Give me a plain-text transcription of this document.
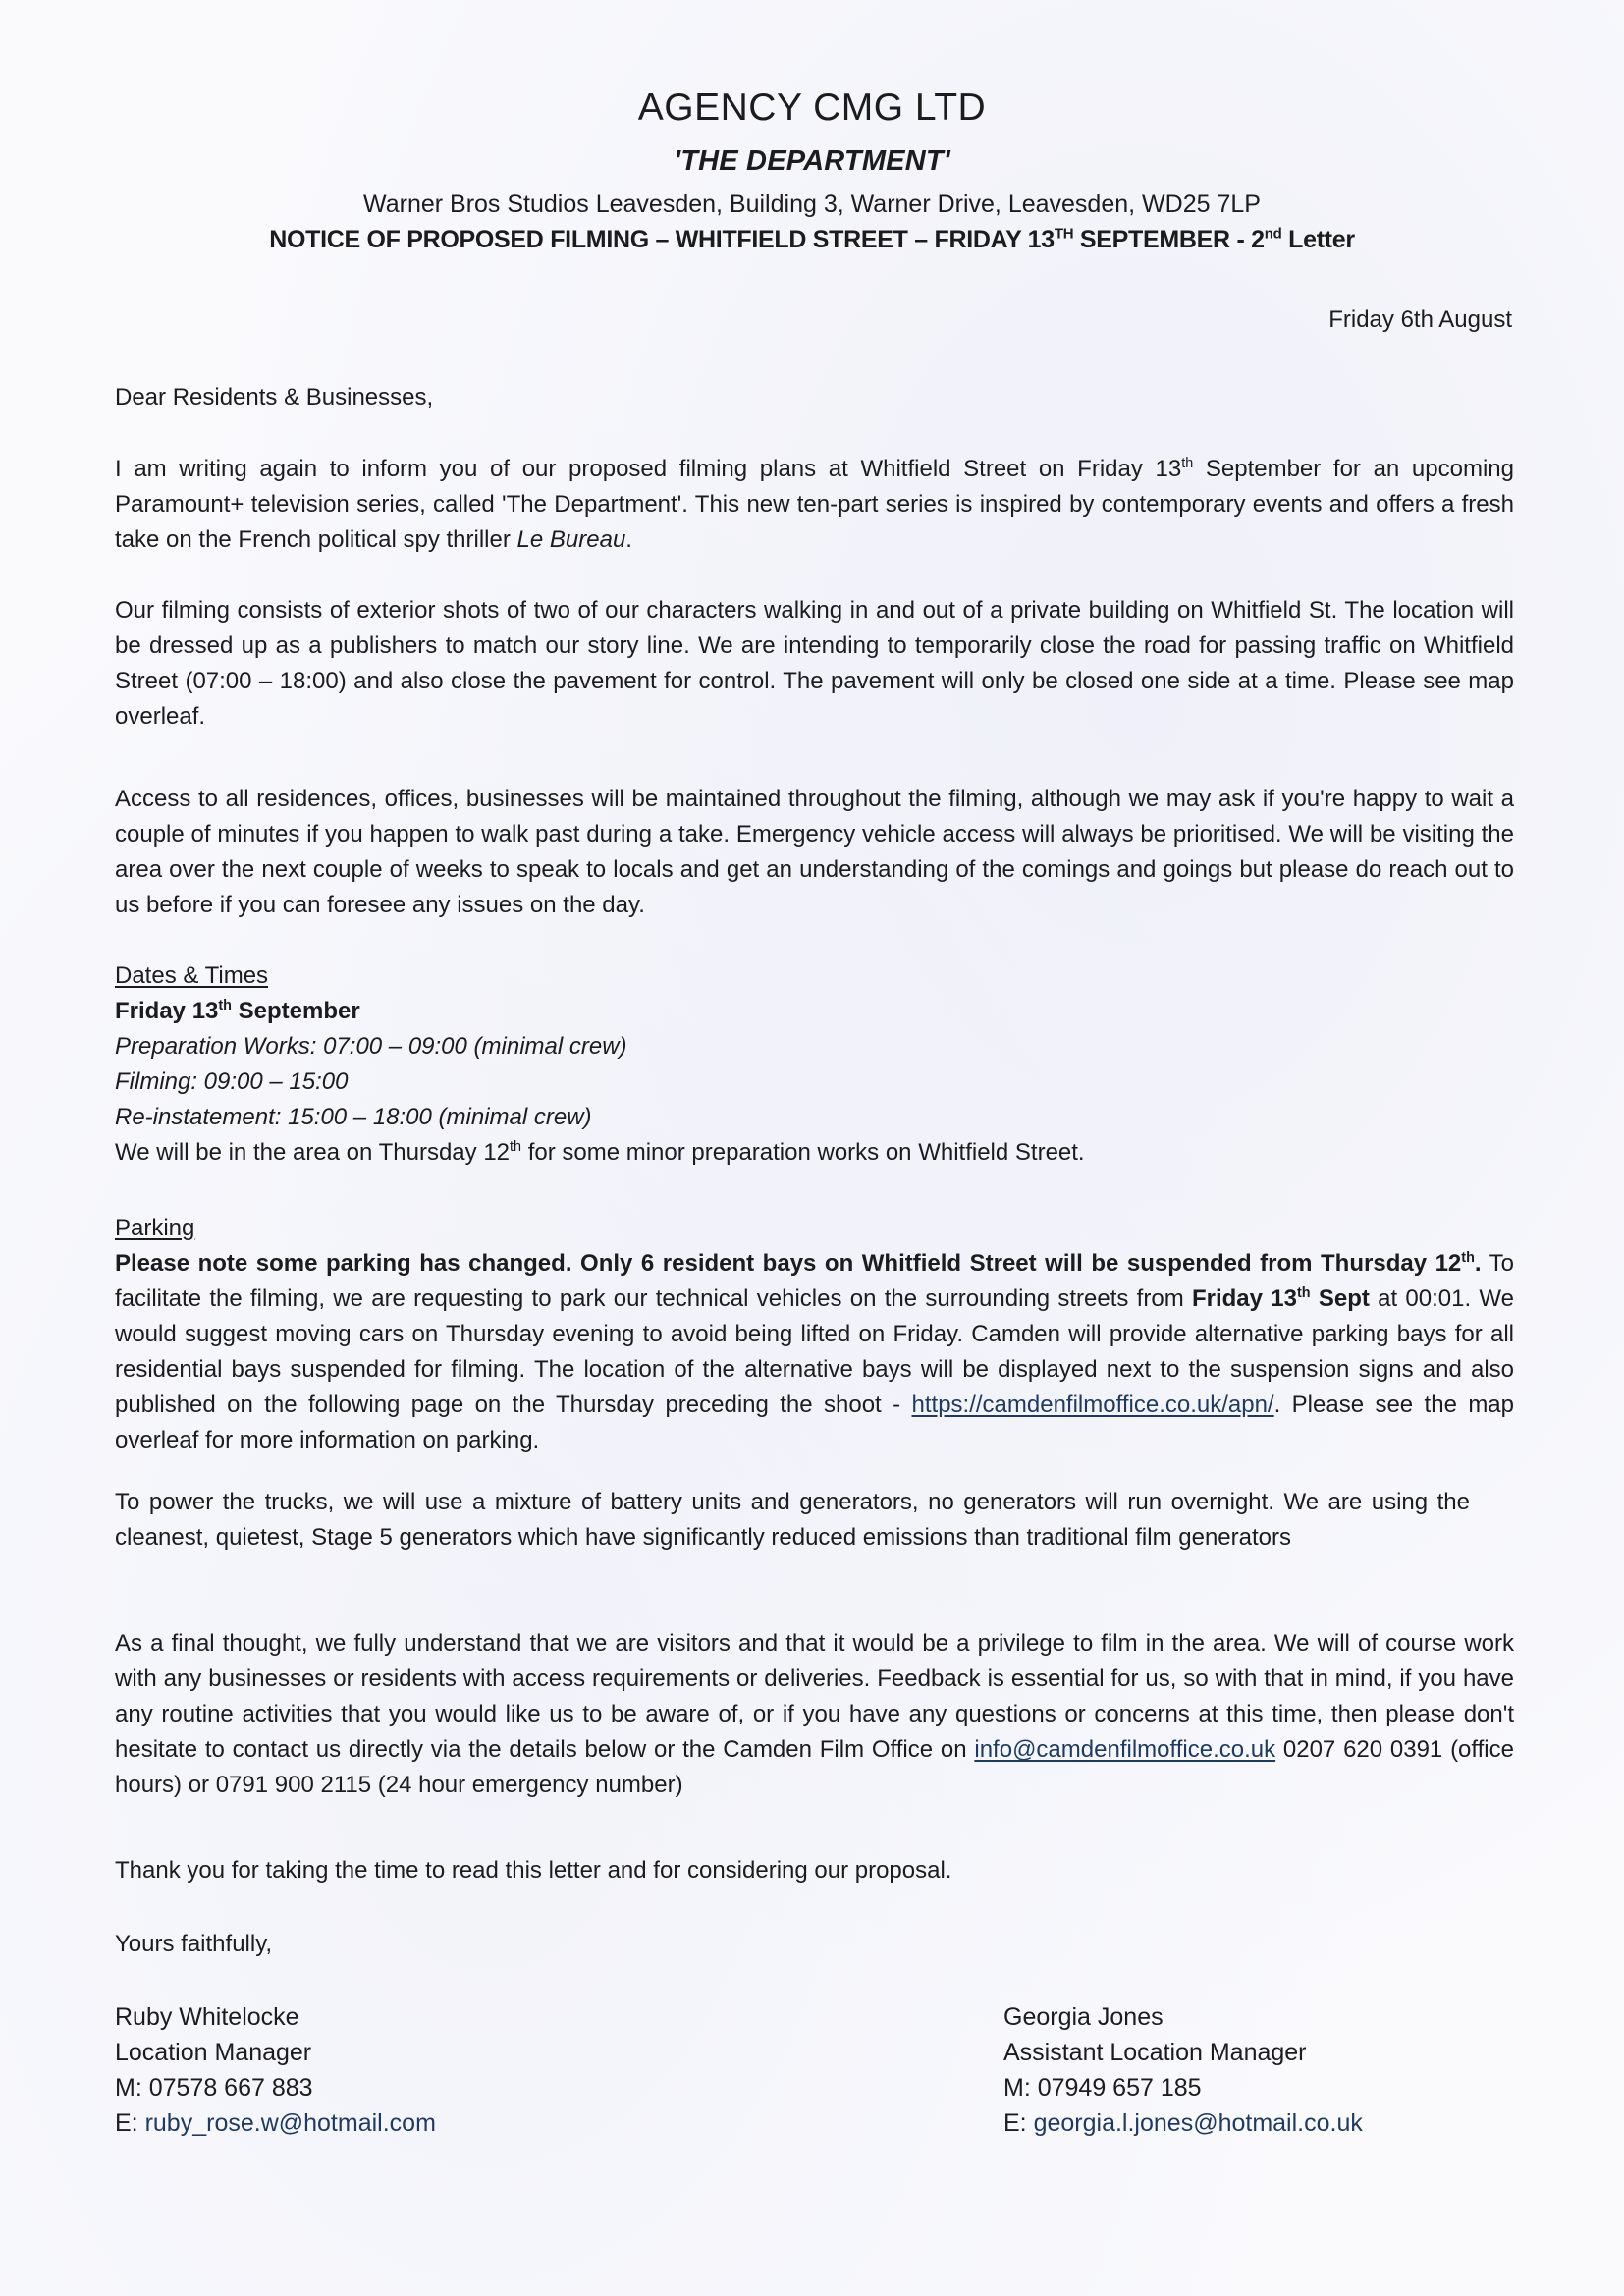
AGENCY CMG LTD
'THE DEPARTMENT'
Warner Bros Studios Leavesden, Building 3, Warner Drive, Leavesden, WD25 7LP
NOTICE OF PROPOSED FILMING – WHITFIELD STREET – FRIDAY 13TH SEPTEMBER - 2nd Letter
Friday 6th August
Dear Residents & Businesses,

I am writing again to inform you of our proposed filming plans at Whitfield Street on Friday 13th September for an upcoming Paramount+ television series, called 'The Department'. This new ten-part series is inspired by contemporary events and offers a fresh take on the French political spy thriller Le Bureau.

Our filming consists of exterior shots of two of our characters walking in and out of a private building on Whitfield St. The location will be dressed up as a publishers to match our story line. We are intending to temporarily close the road for passing traffic on Whitfield Street (07:00 – 18:00) and also close the pavement for control. The pavement will only be closed one side at a time. Please see map overleaf.

Access to all residences, offices, businesses will be maintained throughout the filming, although we may ask if you're happy to wait a couple of minutes if you happen to walk past during a take. Emergency vehicle access will always be prioritised. We will be visiting the area over the next couple of weeks to speak to locals and get an understanding of the comings and goings but please do reach out to us before if you can foresee any issues on the day.

Dates & Times
Friday 13th September
Preparation Works: 07:00 – 09:00 (minimal crew)
Filming: 09:00 – 15:00
Re-instatement: 15:00 – 18:00 (minimal crew)
We will be in the area on Thursday 12th for some minor preparation works on Whitfield Street.
Parking

Please note some parking has changed. Only 6 resident bays on Whitfield Street will be suspended from Thursday 12th. To facilitate the filming, we are requesting to park our technical vehicles on the surrounding streets from Friday 13th Sept at 00:01. We would suggest moving cars on Thursday evening to avoid being lifted on Friday. Camden will provide alternative parking bays for all residential bays suspended for filming. The location of the alternative bays will be displayed next to the suspension signs and also published on the following page on the Thursday preceding the shoot - https://camdenfilmoffice.co.uk/apn/. Please see the map overleaf for more information on parking.

To power the trucks, we will use a mixture of battery units and generators, no generators will run overnight. We are using the cleanest, quietest, Stage 5 generators which have significantly reduced emissions than traditional film generators

As a final thought, we fully understand that we are visitors and that it would be a privilege to film in the area. We will of course work with any businesses or residents with access requirements or deliveries. Feedback is essential for us, so with that in mind, if you have any routine activities that you would like us to be aware of, or if you have any questions or concerns at this time, then please don't hesitate to contact us directly via the details below or the Camden Film Office on info@camdenfilmoffice.co.uk 0207 620 0391 (office hours) or 0791 900 2115 (24 hour emergency number)

Thank you for taking the time to read this letter and for considering our proposal.
Yours faithfully,
Ruby Whitelocke
Location Manager
M: 07578 667 883
E: ruby_rose.w@hotmail.com
Georgia Jones
Assistant Location Manager
M: 07949 657 185
E: georgia.l.jones@hotmail.co.uk
